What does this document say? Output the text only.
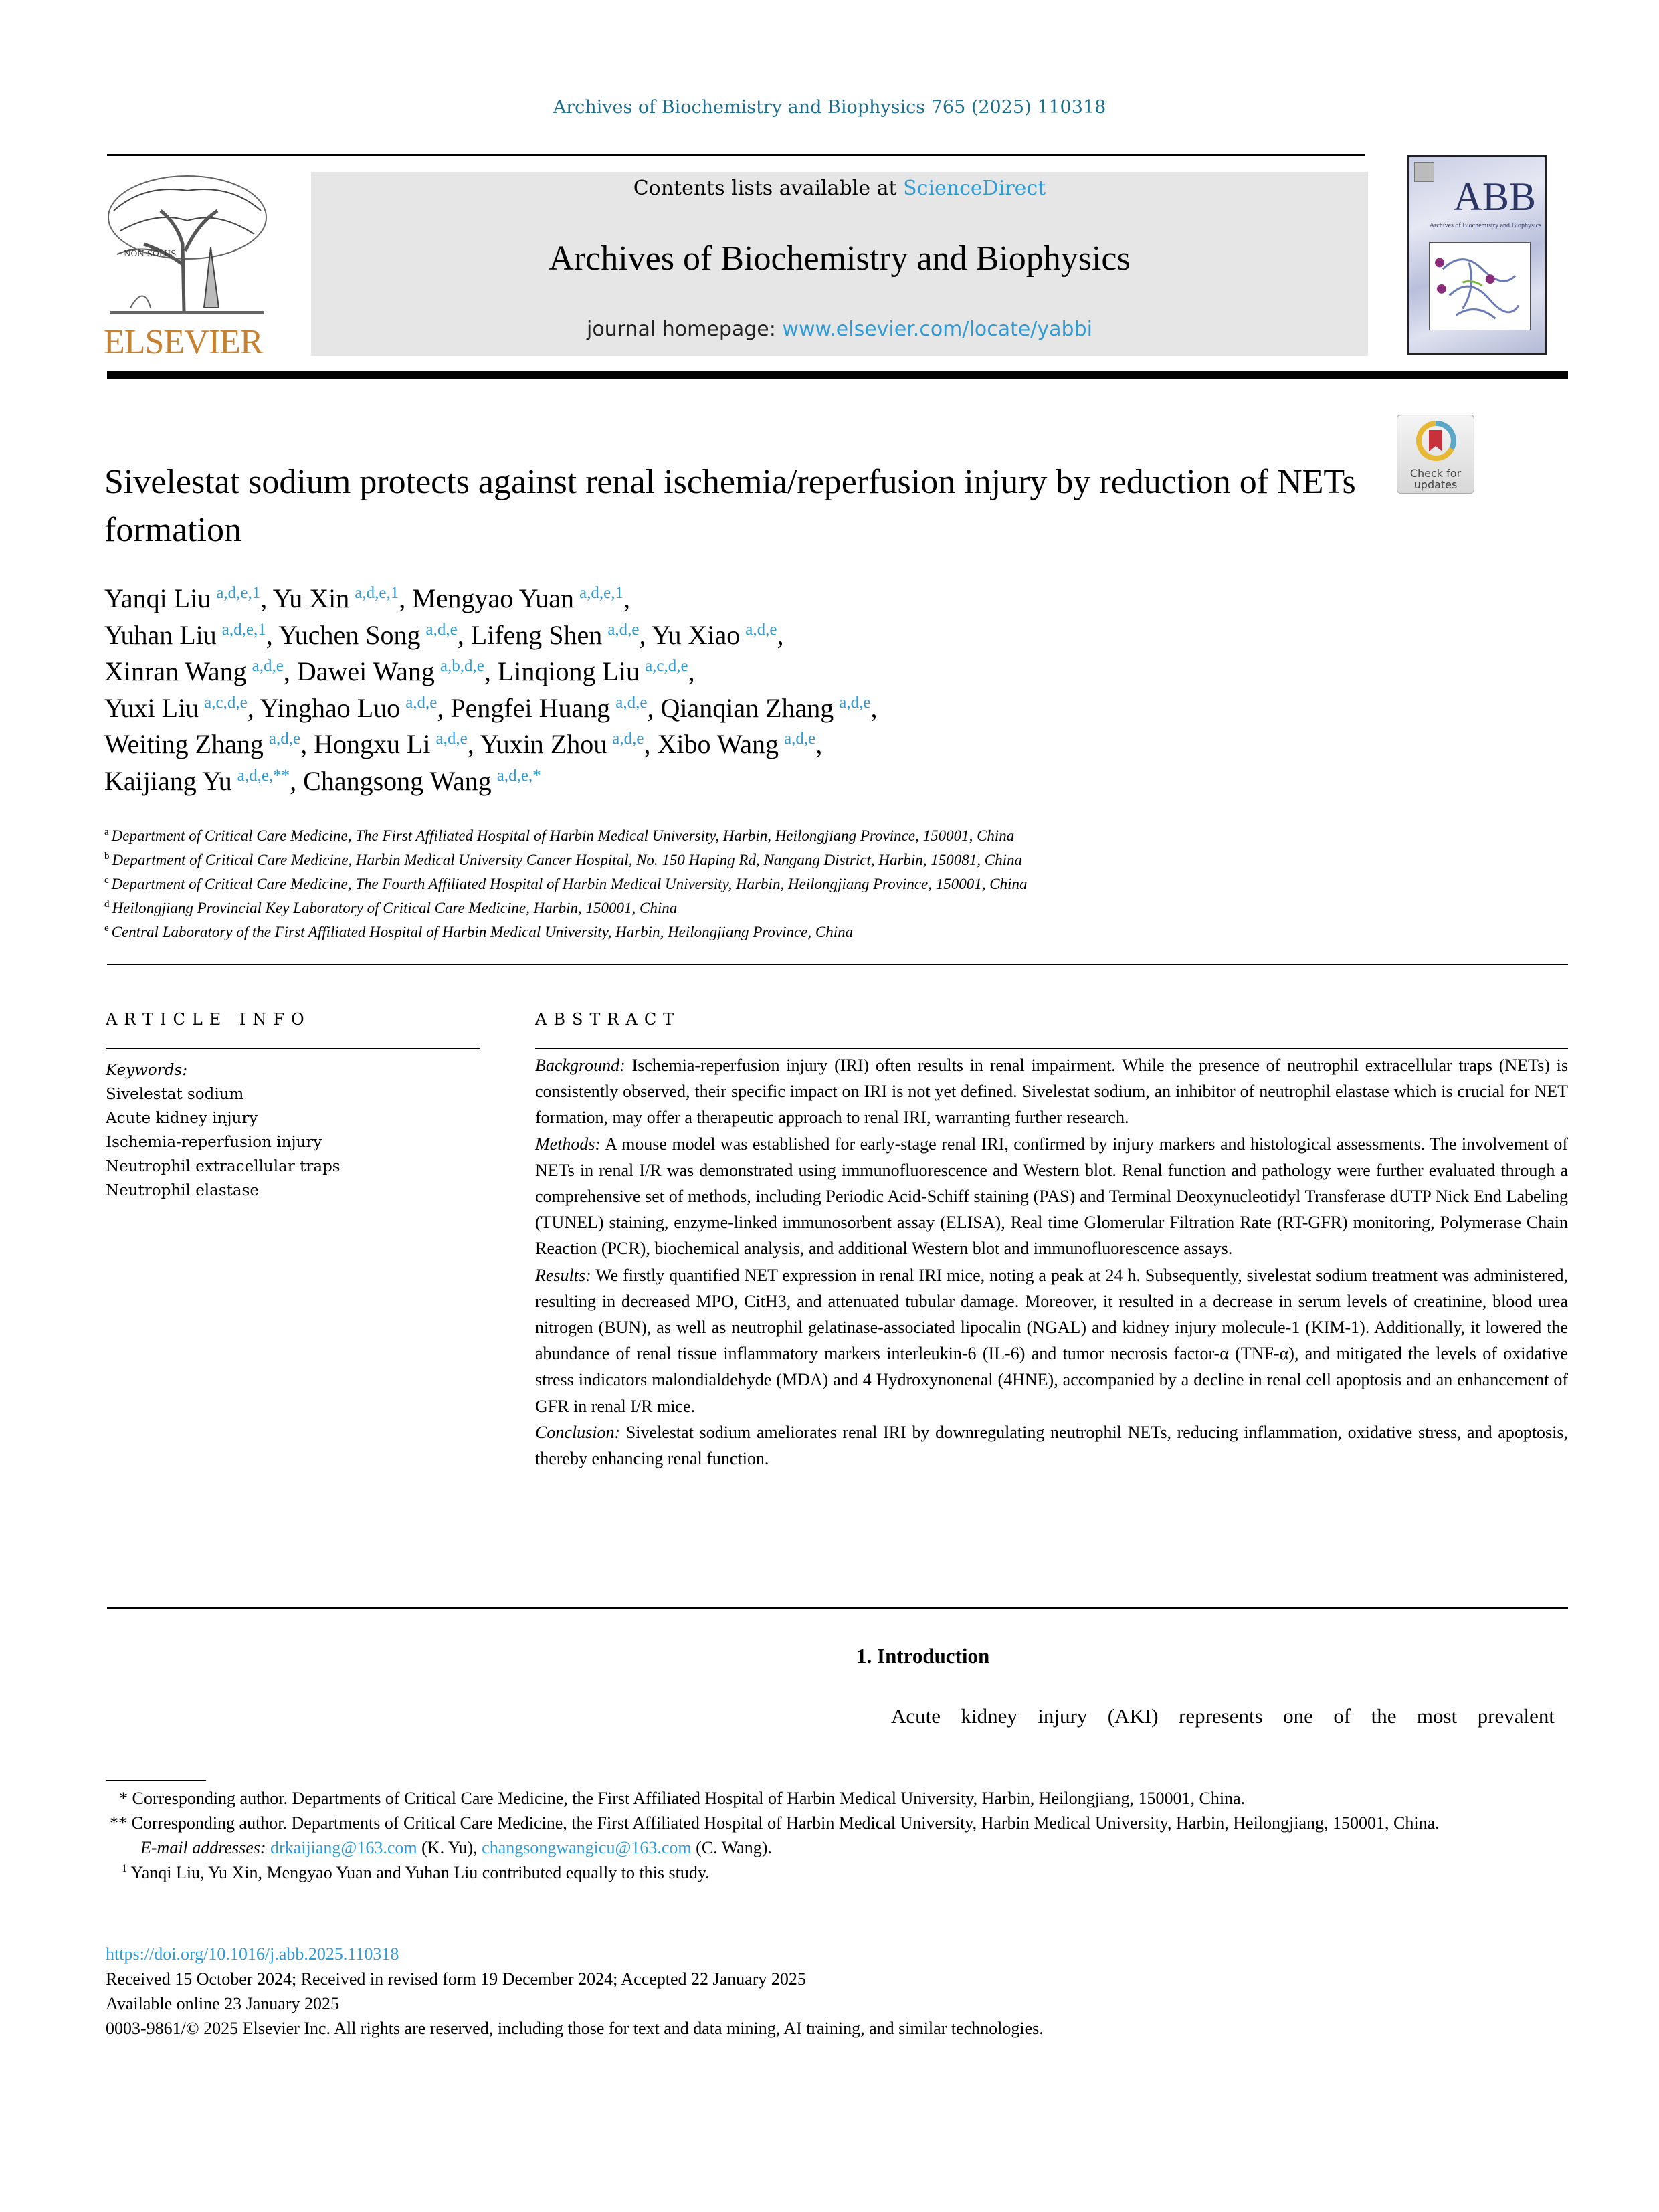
Archives of Biochemistry and Biophysics 765 (2025) 110318
NON SOLUS
ELSEVIER
Contents lists available at ScienceDirect
Archives of Biochemistry and Biophysics
journal homepage: www.elsevier.com/locate/yabbi
ABB
Archives of Biochemistry and Biophysics
Check for
updates
Sivelestat sodium protects against renal ischemia/reperfusion injury by reduction of NETs formation
Yanqi Liu  $^{a,d,e,1}$, Yu Xin  $^{a,d,e,1}$, Mengyao Yuan  $^{a,d,e,1}$,
Yuhan Liu  $^{a,d,e,1}$, Yuchen Song  $^{a,d,e}$, Lifeng Shen  $^{a,d,e}$, Yu Xiao  $^{a,d,e}$,
Xinran Wang  $^{a,d,e}$, Dawei Wang  $^{a,b,d,e}$, Linqiong Liu  $^{a,c,d,e}$,
Yuxi Liu  $^{a,c,d,e}$, Yinghao Luo  $^{a,d,e}$, Pengfei Huang  $^{a,d,e}$, Qianqian Zhang  $^{a,d,e}$,
Weiting Zhang  $^{a,d,e}$, Hongxu Li  $^{a,d,e}$, Yuxin Zhou  $^{a,d,e}$, Xibo Wang  $^{a,d,e}$,
Kaijiang Yu  $^{a,d,e,**}$, Changsong Wang  $^{a,d,e,*}$
$^a$ Department of Critical Care Medicine, The First Affiliated Hospital of Harbin Medical University, Harbin, Heilongjiang Province, 150001, China
$^b$ Department of Critical Care Medicine, Harbin Medical University Cancer Hospital, No. 150 Haping Rd, Nangang District, Harbin, 150081, China
$^c$ Department of Critical Care Medicine, The Fourth Affiliated Hospital of Harbin Medical University, Harbin, Heilongjiang Province, 150001, China
$^d$ Heilongjiang Provincial Key Laboratory of Critical Care Medicine, Harbin, 150001, China
$^e$ Central Laboratory of the First Affiliated Hospital of Harbin Medical University, Harbin, Heilongjiang Province, China
ARTICLE INFO
Keywords:
Sivelestat sodium
Acute kidney injury
Ischemia-reperfusion injury
Neutrophil extracellular traps
Neutrophil elastase
ABSTRACT

Background: Ischemia-reperfusion injury (IRI) often results in renal impairment. While the presence of neutrophil extracellular traps (NETs) is consistently observed, their specific impact on IRI is not yet defined. Sivelestat sodium, an inhibitor of neutrophil elastase which is crucial for NET formation, may offer a therapeutic approach to renal IRI, warranting further research.

Methods: A mouse model was established for early-stage renal IRI, confirmed by injury markers and histological assessments. The involvement of NETs in renal I/R was demonstrated using immunofluorescence and Western blot. Renal function and pathology were further evaluated through a comprehensive set of methods, including Periodic Acid-Schiff staining (PAS) and Terminal Deoxynucleotidyl Transferase dUTP Nick End Labeling (TUNEL) staining, enzyme-linked immunosorbent assay (ELISA), Real time Glomerular Filtration Rate (RT-GFR) monitoring, Polymerase Chain Reaction (PCR), biochemical analysis, and additional Western blot and immunofluorescence assays.

Results: We firstly quantified NET expression in renal IRI mice, noting a peak at 24 h. Subsequently, sivelestat sodium treatment was administered, resulting in decreased MPO, CitH3, and attenuated tubular damage. Moreover, it resulted in a decrease in serum levels of creatinine, blood urea nitrogen (BUN), as well as neutrophil gelatinase-associated lipocalin (NGAL) and kidney injury molecule-1 (KIM-1). Additionally, it lowered the abundance of renal tissue inflammatory markers interleukin-6 (IL-6) and tumor necrosis factor-α (TNF-α), and mitigated the levels of oxidative stress indicators malondialdehyde (MDA) and 4 Hydroxynonenal (4HNE), accompanied by a decline in renal cell apoptosis and an enhancement of GFR in renal I/R mice.

Conclusion: Sivelestat sodium ameliorates renal IRI by downregulating neutrophil NETs, reducing inflammation, oxidative stress, and apoptosis, thereby enhancing renal function.

1. Introduction
Acute kidney injury (AKI) represents one of the most prevalent

* Corresponding author. Departments of Critical Care Medicine, the First Affiliated Hospital of Harbin Medical University, Harbin, Heilongjiang, 150001, China.

** Corresponding author. Departments of Critical Care Medicine, the First Affiliated Hospital of Harbin Medical University, Harbin Medical University, Harbin, Heilongjiang, 150001, China.

E-mail addresses: drkaijiang@163.com (K. Yu), changsongwangicu@163.com (C. Wang).

$^1$ Yanqi Liu, Yu Xin, Mengyao Yuan and Yuhan Liu contributed equally to this study.

https://doi.org/10.1016/j.abb.2025.110318

Received 15 October 2024; Received in revised form 19 December 2024; Accepted 22 January 2025

Available online 23 January 2025

0003-9861/© 2025 Elsevier Inc. All rights are reserved, including those for text and data mining, AI training, and similar technologies.
